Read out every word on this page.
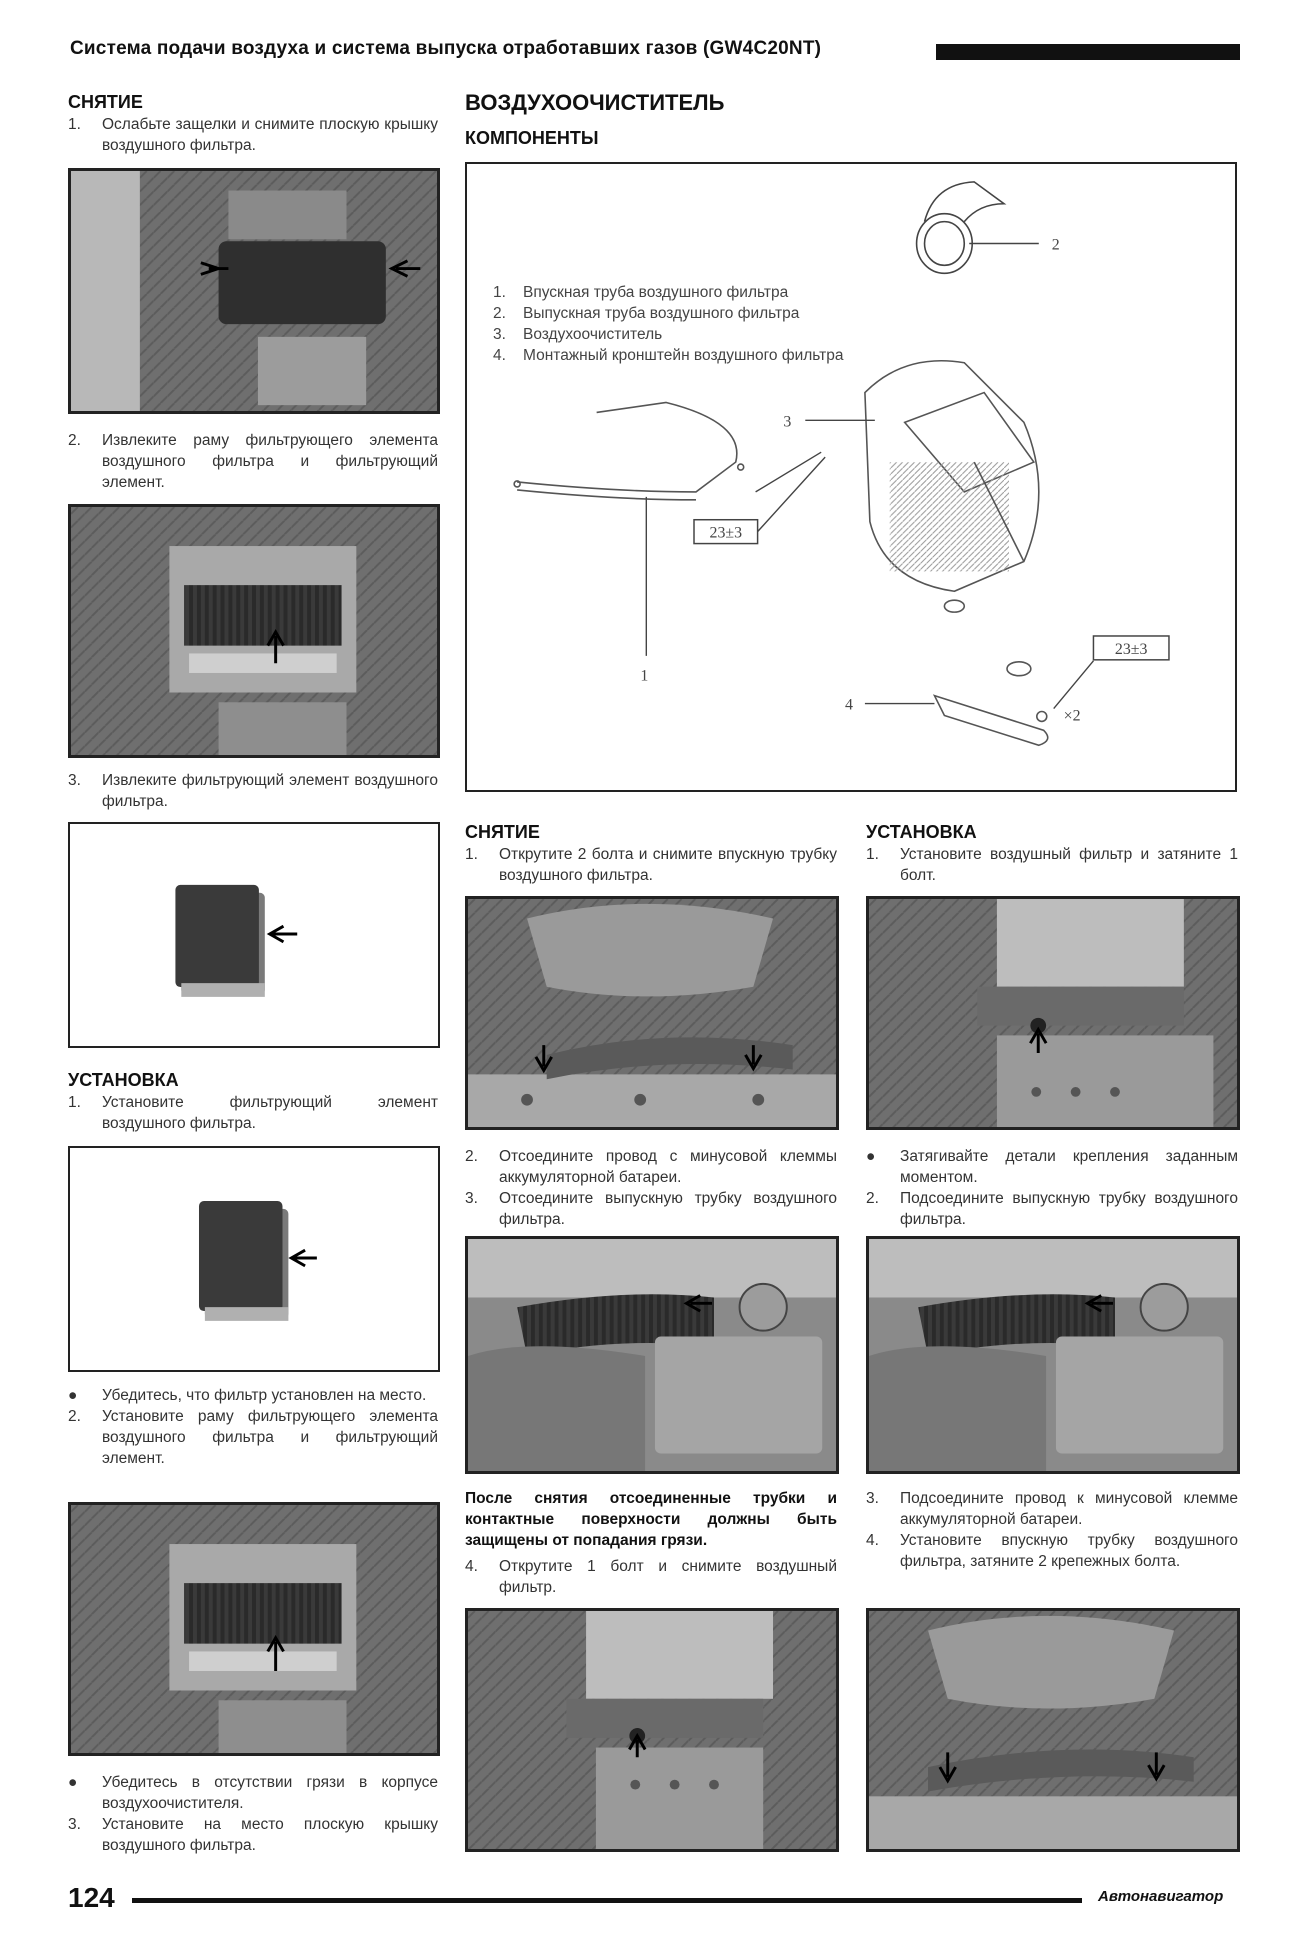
Система подачи воздуха и система выпуска отработавших газов (GW4C20NT)
СНЯТИЕ
1.	Ослабьте защелки и снимите плоскую крышку воздушного фильтра.
2.	Извлеките раму фильтрующего элемента воздушного фильтра и фильтрующий элемент.
3.	Извлеките фильтрующий элемент воздушного фильтра.
УСТАНОВКА
1.	Установите фильтрующий элемент воздушного фильтра.
●	Убедитесь, что фильтр установлен на место.
2.	Установите раму фильтрующего элемента воздушного фильтра и фильтрующий элемент.
●	Убедитесь в отсутствии грязи в корпусе воздухоочистителя.
3.	Установите на место плоскую крышку воздушного фильтра.
ВОЗДУХООЧИСТИТЕЛЬ
КОМПОНЕНТЫ
2
3
1
23±3
4
×2
23±3
1.	Впускная труба воздушного фильтра
2.	Выпускная труба воздушного фильтра
3.	Воздухоочиститель
4.	Монтажный кронштейн воздушного фильтра
СНЯТИЕ
1.	Открутите 2 болта и снимите впускную трубку воздушного фильтра.
2.	Отсоедините провод с минусовой клеммы аккумуляторной батареи.
3.	Отсоедините выпускную трубку воздушного фильтра.
После снятия отсоединенные трубки и контактные поверхности должны быть защищены от попадания грязи.
4.	Открутите 1 болт и снимите воздушный фильтр.
УСТАНОВКА
1.	Установите воздушный фильтр и затяните 1 болт.
●	Затягивайте детали крепления заданным моментом.
2.	Подсоедините выпускную трубку воздушного фильтра.
3.	Подсоедините провод к минусовой клемме аккумуляторной батареи.
4.	Установите впускную трубку воздушного фильтра, затяните 2 крепежных болта.
124	Автонавигатор
